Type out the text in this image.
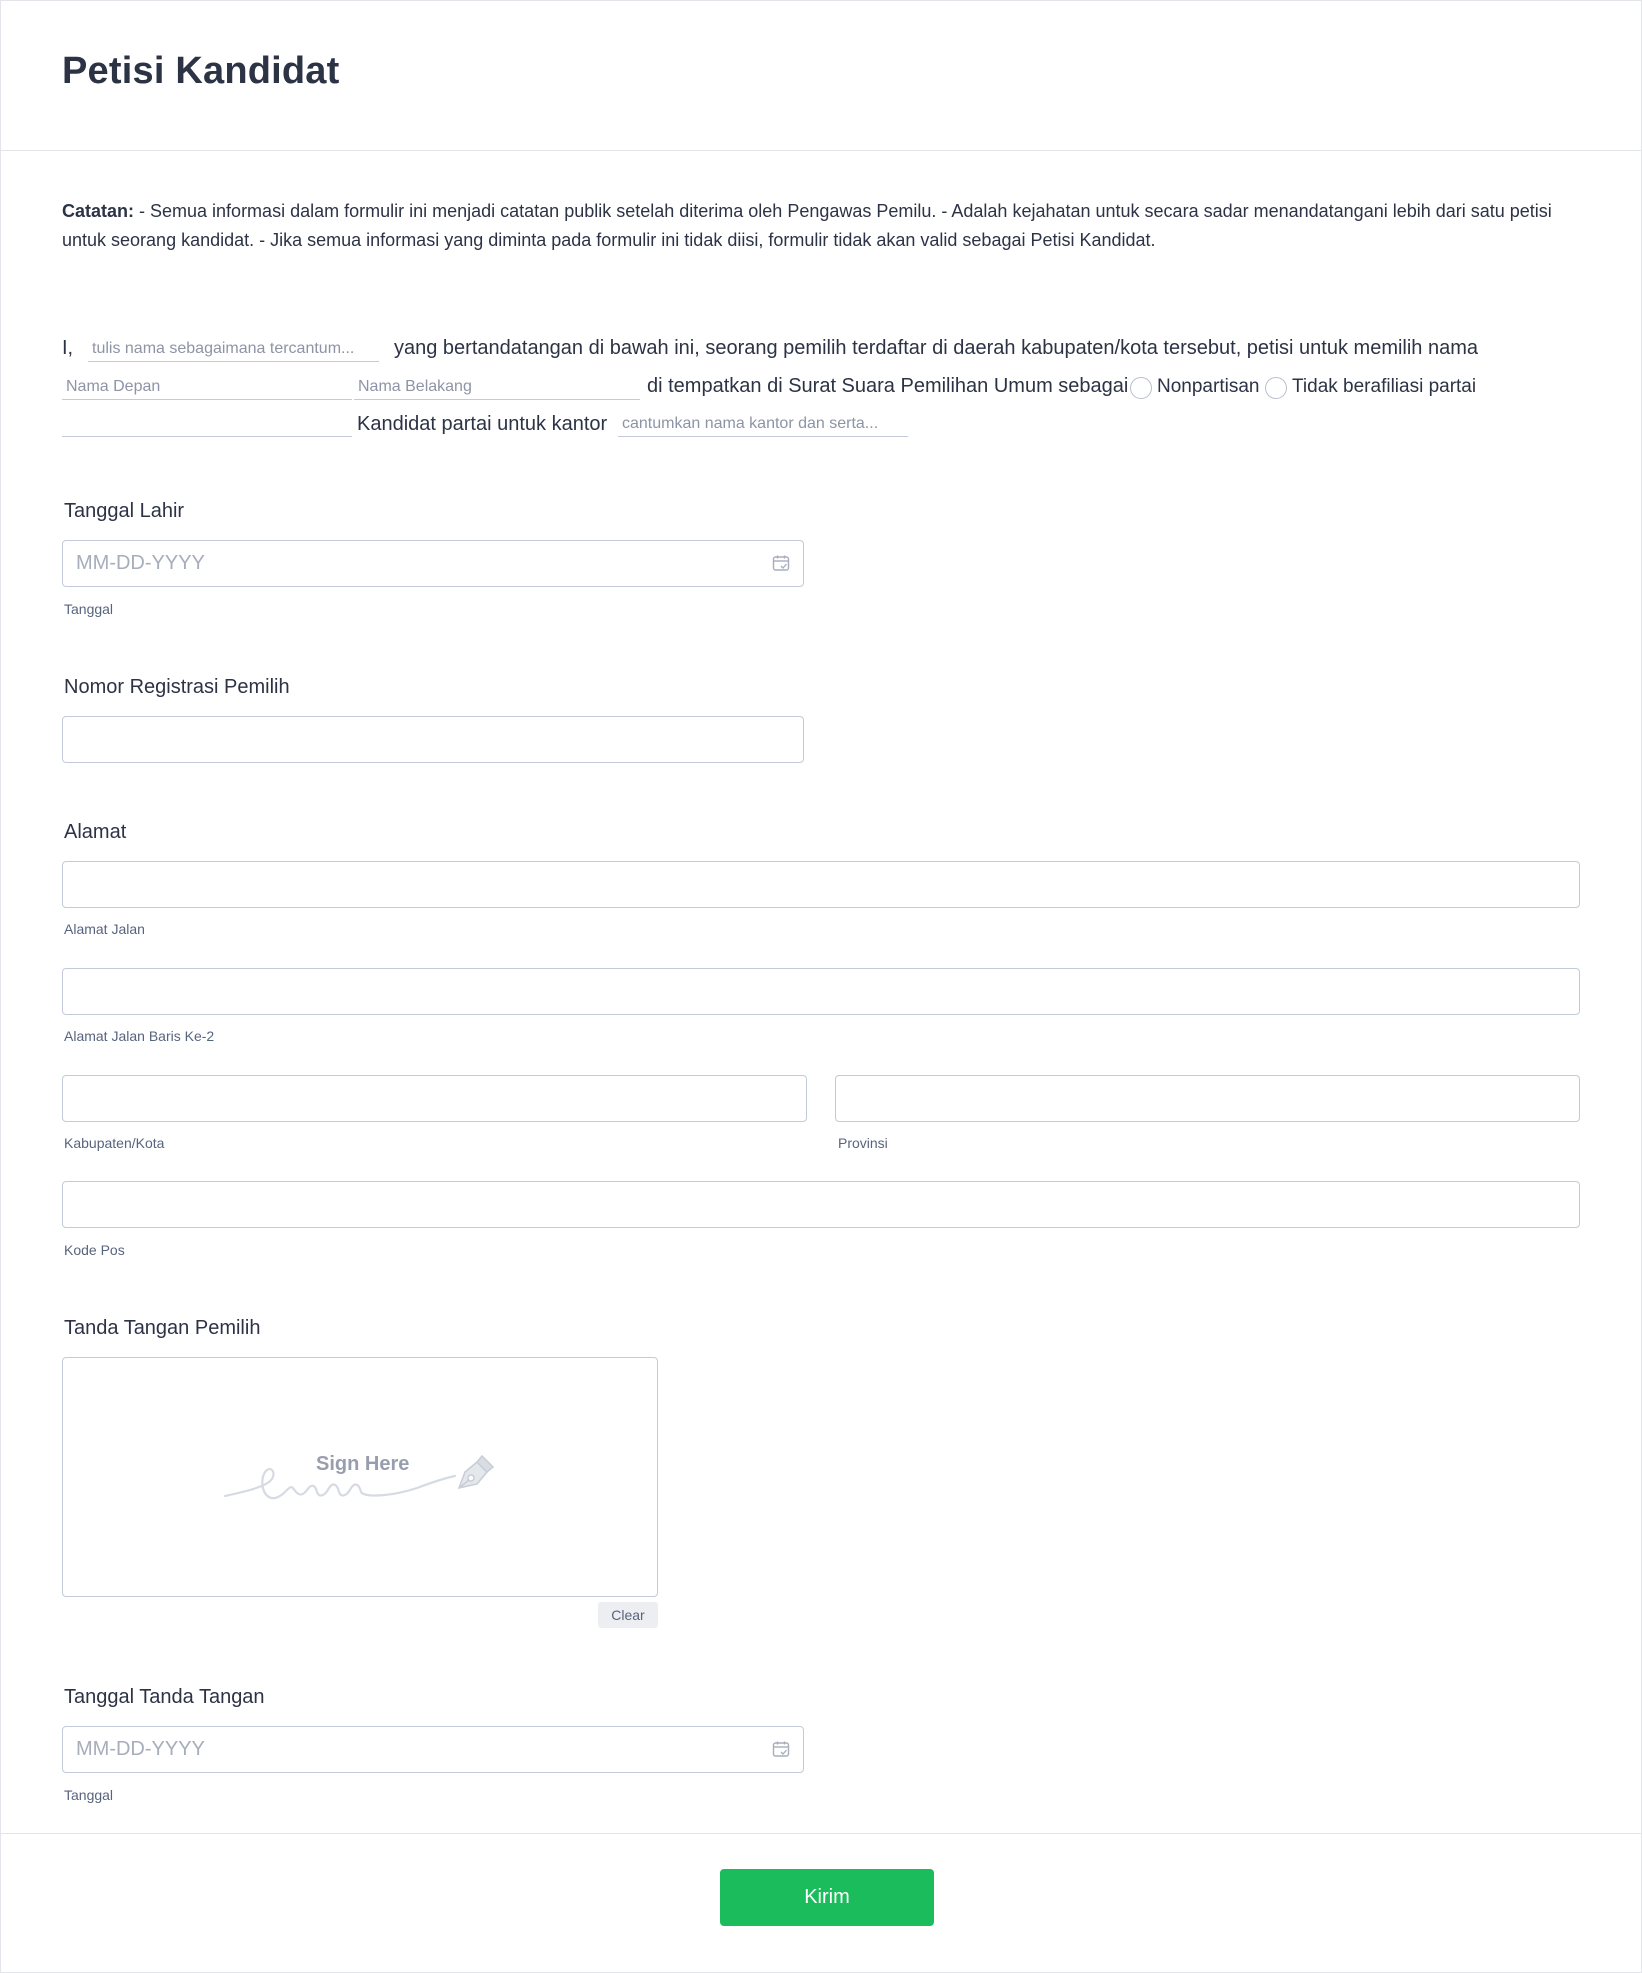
Petisi Kandidat

Catatan: - Semua informasi dalam formulir ini menjadi catatan publik setelah diterima oleh Pengawas Pemilu. - Adalah kejahatan untuk secara sadar menandatangani lebih dari satu petisi untuk seorang kandidat. - Jika semua informasi yang diminta pada formulir ini tidak diisi, formulir tidak akan valid sebagai Petisi Kandidat.

I,
tulis nama sebagaimana tercantum...	yang bertandatangan di bawah ini, seorang pemilih terdaftar di daerah kabupaten/kota tersebut, petisi untuk memilih nama
Nama Depan
Nama Belakang
di tempatkan di Surat Suara Pemilihan Umum sebagai Nonpartisan Tidak berafiliasi partai
Kandidat partai untuk kantor
cantumkan nama kantor dan serta...
Tanggal Lahir
MM-DD-YYYY
Tanggal
Nomor Registrasi Pemilih
Alamat
Alamat Jalan
Alamat Jalan Baris Ke-2
Kabupaten/Kota	Provinsi
Kode Pos
Tanda Tangan Pemilih
Sign Here
Clear
Tanggal Tanda Tangan
MM-DD-YYYY
Tanggal
Kirim
